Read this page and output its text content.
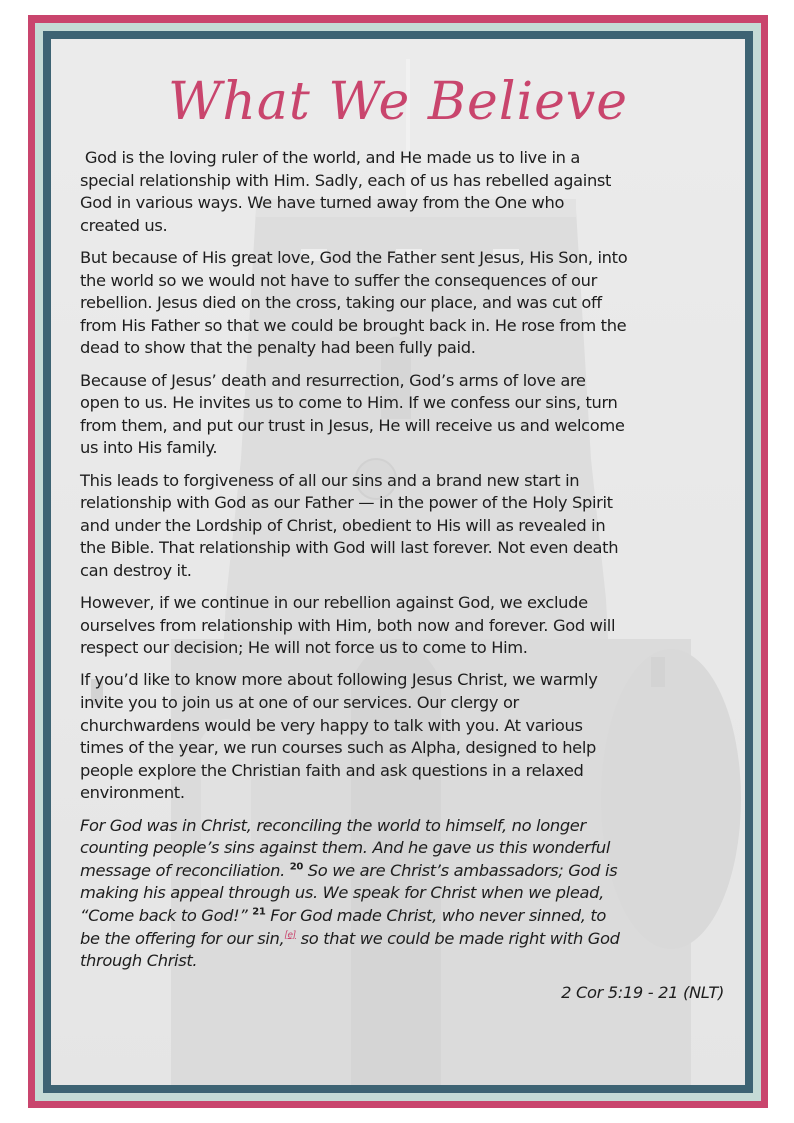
What We Believe

God is the loving ruler of the world, and He made us to live in a
special relationship with Him. Sadly, each of us has rebelled against
God in various ways. We have turned away from the One who
created us.

But because of His great love, God the Father sent Jesus, His Son, into
the world so we would not have to suffer the consequences of our
rebellion. Jesus died on the cross, taking our place, and was cut off
from His Father so that we could be brought back in. He rose from the
dead to show that the penalty had been fully paid.

Because of Jesus’ death and resurrection, God’s arms of love are
open to us. He invites us to come to Him. If we confess our sins, turn
from them, and put our trust in Jesus, He will receive us and welcome
us into His family.

This leads to forgiveness of all our sins and a brand new start in
relationship with God as our Father — in the power of the Holy Spirit
and under the Lordship of Christ, obedient to His will as revealed in
the Bible. That relationship with God will last forever. Not even death
can destroy it.

However, if we continue in our rebellion against God, we exclude
ourselves from relationship with Him, both now and forever. God will
respect our decision; He will not force us to come to Him.

If you’d like to know more about following Jesus Christ, we warmly
invite you to join us at one of our services. Our clergy or
churchwardens would be very happy to talk with you. At various
times of the year, we run courses such as Alpha, designed to help
people explore the Christian faith and ask questions in a relaxed
environment.

For God was in Christ, reconciling the world to himself, no longer
counting people’s sins against them. And he gave us this wonderful
message of reconciliation. $^{20}$ So we are Christ’s ambassadors; God is
making his appeal through us. We speak for Christ when we plead,
“Come back to God!” $^{21}$ For God made Christ, who never sinned, to
be the offering for our sin,[e] so that we could be made right with God
through Christ.

2 Cor 5:19 - 21 (NLT)
